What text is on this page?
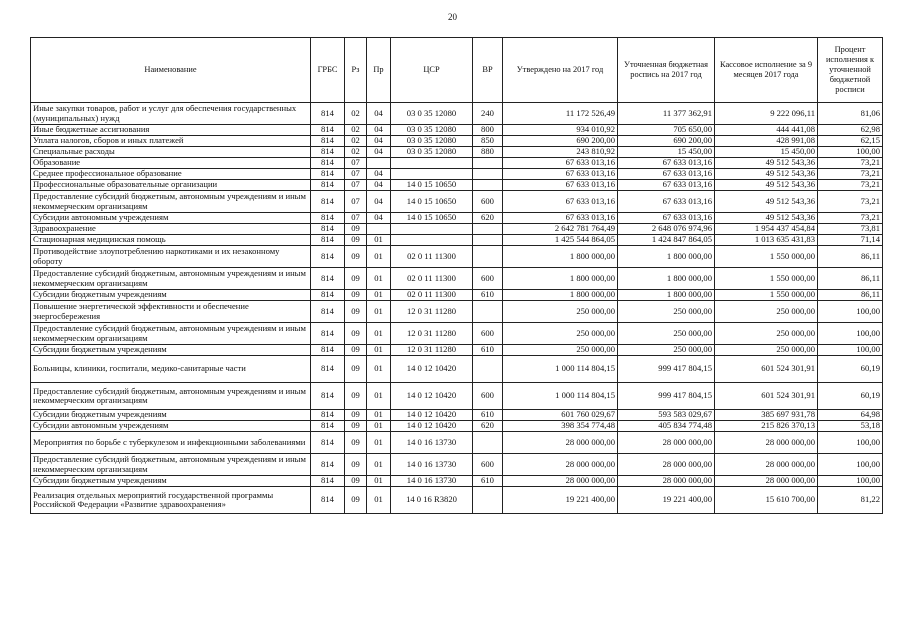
20
Наименование	ГРБС	Рз	Пр	ЦСР	ВР	Утверждено на 2017 год	Уточненная бюджетная роспись на 2017 год	Кассовое исполнение за 9 месяцев 2017 года	Процент исполнения к уточненной бюджетной росписи
Иные закупки товаров, работ и услуг для обеспечения государственных (муниципальных) нужд	814	02	04	03 0 35 12080	240	11 172 526,49	11 377 362,91	9 222 096,11	81,06
Иные бюджетные ассигнования	814	02	04	03 0 35 12080	800	934 010,92	705 650,00	444 441,08	62,98
Уплата налогов, сборов и иных платежей	814	02	04	03 0 35 12080	850	690 200,00	690 200,00	428 991,08	62,15
Специальные расходы	814	02	04	03 0 35 12080	880	243 810,92	15 450,00	15 450,00	100,00
Образование	814	07				67 633 013,16	67 633 013,16	49 512 543,36	73,21
Среднее профессиональное образование	814	07	04			67 633 013,16	67 633 013,16	49 512 543,36	73,21
Профессиональные образовательные организации	814	07	04	14 0 15 10650		67 633 013,16	67 633 013,16	49 512 543,36	73,21
Предоставление субсидий бюджетным, автономным учреждениям и иным некоммерческим организациям	814	07	04	14 0 15 10650	600	67 633 013,16	67 633 013,16	49 512 543,36	73,21
Субсидии автономным учреждениям	814	07	04	14 0 15 10650	620	67 633 013,16	67 633 013,16	49 512 543,36	73,21
Здравоохранение	814	09				2 642 781 764,49	2 648 076 974,96	1 954 437 454,84	73,81
Стационарная медицинская помощь	814	09	01			1 425 544 864,05	1 424 847 864,05	1 013 635 431,83	71,14
Противодействие злоупотреблению наркотиками и их незаконному обороту	814	09	01	02 0 11 11300		1 800 000,00	1 800 000,00	1 550 000,00	86,11
Предоставление субсидий бюджетным, автономным учреждениям и иным некоммерческим организациям	814	09	01	02 0 11 11300	600	1 800 000,00	1 800 000,00	1 550 000,00	86,11
Субсидии бюджетным учреждениям	814	09	01	02 0 11 11300	610	1 800 000,00	1 800 000,00	1 550 000,00	86,11
Повышение энергетической эффективности и обеспечение энергосбережения	814	09	01	12 0 31 11280		250 000,00	250 000,00	250 000,00	100,00
Предоставление субсидий бюджетным, автономным учреждениям и иным некоммерческим организациям	814	09	01	12 0 31 11280	600	250 000,00	250 000,00	250 000,00	100,00
Субсидии бюджетным учреждениям	814	09	01	12 0 31 11280	610	250 000,00	250 000,00	250 000,00	100,00
Больницы, клиники, госпитали, медико-санитарные части	814	09	01	14 0 12 10420		1 000 114 804,15	999 417 804,15	601 524 301,91	60,19
Предоставление субсидий бюджетным, автономным учреждениям и иным некоммерческим организациям	814	09	01	14 0 12 10420	600	1 000 114 804,15	999 417 804,15	601 524 301,91	60,19
Субсидии бюджетным учреждениям	814	09	01	14 0 12 10420	610	601 760 029,67	593 583 029,67	385 697 931,78	64,98
Субсидии автономным учреждениям	814	09	01	14 0 12 10420	620	398 354 774,48	405 834 774,48	215 826 370,13	53,18
Мероприятия по борьбе с туберкулезом и инфекционными заболеваниями	814	09	01	14 0 16 13730		28 000 000,00	28 000 000,00	28 000 000,00	100,00
Предоставление субсидий бюджетным, автономным учреждениям и иным некоммерческим организациям	814	09	01	14 0 16 13730	600	28 000 000,00	28 000 000,00	28 000 000,00	100,00
Субсидии бюджетным учреждениям	814	09	01	14 0 16 13730	610	28 000 000,00	28 000 000,00	28 000 000,00	100,00
Реализация отдельных мероприятий государственной программы Российской Федерации «Развитие здравоохранения»	814	09	01	14 0 16 R3820		19 221 400,00	19 221 400,00	15 610 700,00	81,22
